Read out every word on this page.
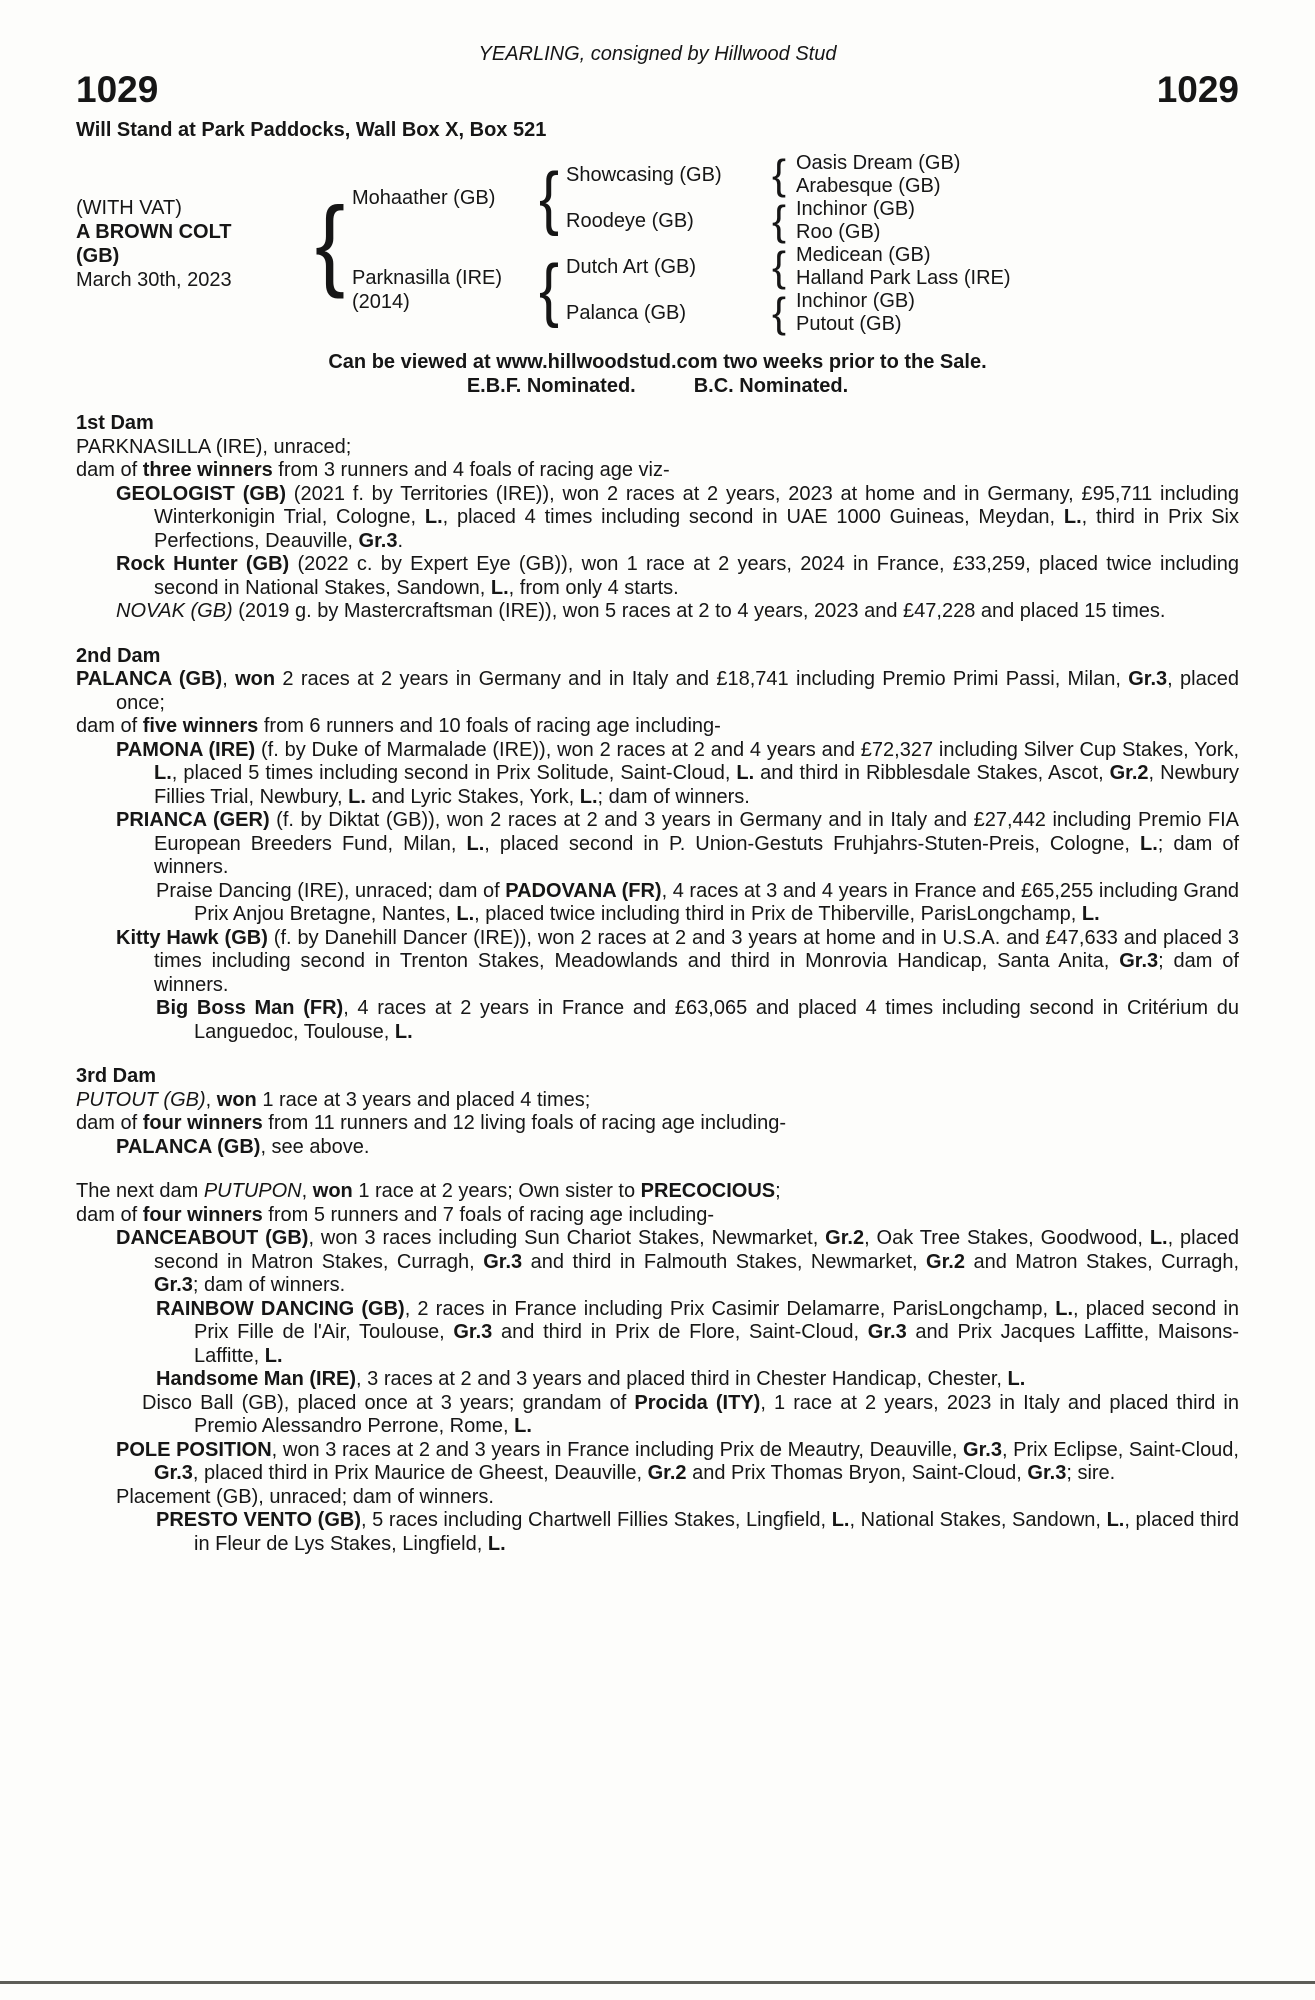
YEARLING, consigned by Hillwood Stud
1029	1029
Will Stand at Park Paddocks, Wall Box X, Box 521
(WITH VAT)
A BROWN COLT
(GB)
March 30th, 2023 { Mohaather (GB)
Parknasilla (IRE)
(2014)
{
{
Showcasing (GB)
Roodeye (GB)
Dutch Art (GB)
Palanca (GB)
{
{
{
{
Oasis Dream (GB)
Arabesque (GB)
Inchinor (GB)
Roo (GB)
Medicean (GB)
Halland Park Lass (IRE)
Inchinor (GB)
Putout (GB)
Can be viewed at www.hillwoodstud.com two weeks prior to the Sale.
E.B.F. Nominated.	B.C. Nominated.
1st Dam

PARKNASILLA (IRE), unraced;

dam of three winners from 3 runners and 4 foals of racing age viz-

GEOLOGIST (GB) (2021 f. by Territories (IRE)), won 2 races at 2 years, 2023 at home and in Germany, £95,711 including Winterkonigin Trial, Cologne, L., placed 4 times including second in UAE 1000 Guineas, Meydan, L., third in Prix Six Perfections, Deauville, Gr.3.

Rock Hunter (GB) (2022 c. by Expert Eye (GB)), won 1 race at 2 years, 2024 in France, £33,259, placed twice including second in National Stakes, Sandown, L., from only 4 starts.

NOVAK (GB) (2019 g. by Mastercraftsman (IRE)), won 5 races at 2 to 4 years, 2023 and £47,228 and placed 15 times.

2nd Dam

PALANCA (GB), won 2 races at 2 years in Germany and in Italy and £18,741 including Premio Primi Passi, Milan, Gr.3, placed once;

dam of five winners from 6 runners and 10 foals of racing age including-

PAMONA (IRE) (f. by Duke of Marmalade (IRE)), won 2 races at 2 and 4 years and £72,327 including Silver Cup Stakes, York, L., placed 5 times including second in Prix Solitude, Saint-Cloud, L. and third in Ribblesdale Stakes, Ascot, Gr.2, Newbury Fillies Trial, Newbury, L. and Lyric Stakes, York, L.; dam of winners.

PRIANCA (GER) (f. by Diktat (GB)), won 2 races at 2 and 3 years in Germany and in Italy and £27,442 including Premio FIA European Breeders Fund, Milan, L., placed second in P. Union-Gestuts Fruhjahrs-Stuten-Preis, Cologne, L.; dam of winners.

Praise Dancing (IRE), unraced; dam of PADOVANA (FR), 4 races at 3 and 4 years in France and £65,255 including Grand Prix Anjou Bretagne, Nantes, L., placed twice including third in Prix de Thiberville, ParisLongchamp, L.

Kitty Hawk (GB) (f. by Danehill Dancer (IRE)), won 2 races at 2 and 3 years at home and in U.S.A. and £47,633 and placed 3 times including second in Trenton Stakes, Meadowlands and third in Monrovia Handicap, Santa Anita, Gr.3; dam of winners.

Big Boss Man (FR), 4 races at 2 years in France and £63,065 and placed 4 times including second in Critérium du Languedoc, Toulouse, L.

3rd Dam

PUTOUT (GB), won 1 race at 3 years and placed 4 times;

dam of four winners from 11 runners and 12 living foals of racing age including-

PALANCA (GB), see above.

The next dam PUTUPON, won 1 race at 2 years; Own sister to PRECOCIOUS;

dam of four winners from 5 runners and 7 foals of racing age including-

DANCEABOUT (GB), won 3 races including Sun Chariot Stakes, Newmarket, Gr.2, Oak Tree Stakes, Goodwood, L., placed second in Matron Stakes, Curragh, Gr.3 and third in Falmouth Stakes, Newmarket, Gr.2 and Matron Stakes, Curragh, Gr.3; dam of winners.

RAINBOW DANCING (GB), 2 races in France including Prix Casimir Delamarre, ParisLongchamp, L., placed second in Prix Fille de l'Air, Toulouse, Gr.3 and third in Prix de Flore, Saint-Cloud, Gr.3 and Prix Jacques Laffitte, Maisons-Laffitte, L.

Handsome Man (IRE), 3 races at 2 and 3 years and placed third in Chester Handicap, Chester, L.

Disco Ball (GB), placed once at 3 years; grandam of Procida (ITY), 1 race at 2 years, 2023 in Italy and placed third in Premio Alessandro Perrone, Rome, L.

POLE POSITION, won 3 races at 2 and 3 years in France including Prix de Meautry, Deauville, Gr.3, Prix Eclipse, Saint-Cloud, Gr.3, placed third in Prix Maurice de Gheest, Deauville, Gr.2 and Prix Thomas Bryon, Saint-Cloud, Gr.3; sire.

Placement (GB), unraced; dam of winners.

PRESTO VENTO (GB), 5 races including Chartwell Fillies Stakes, Lingfield, L., National Stakes, Sandown, L., placed third in Fleur de Lys Stakes, Lingfield, L.
